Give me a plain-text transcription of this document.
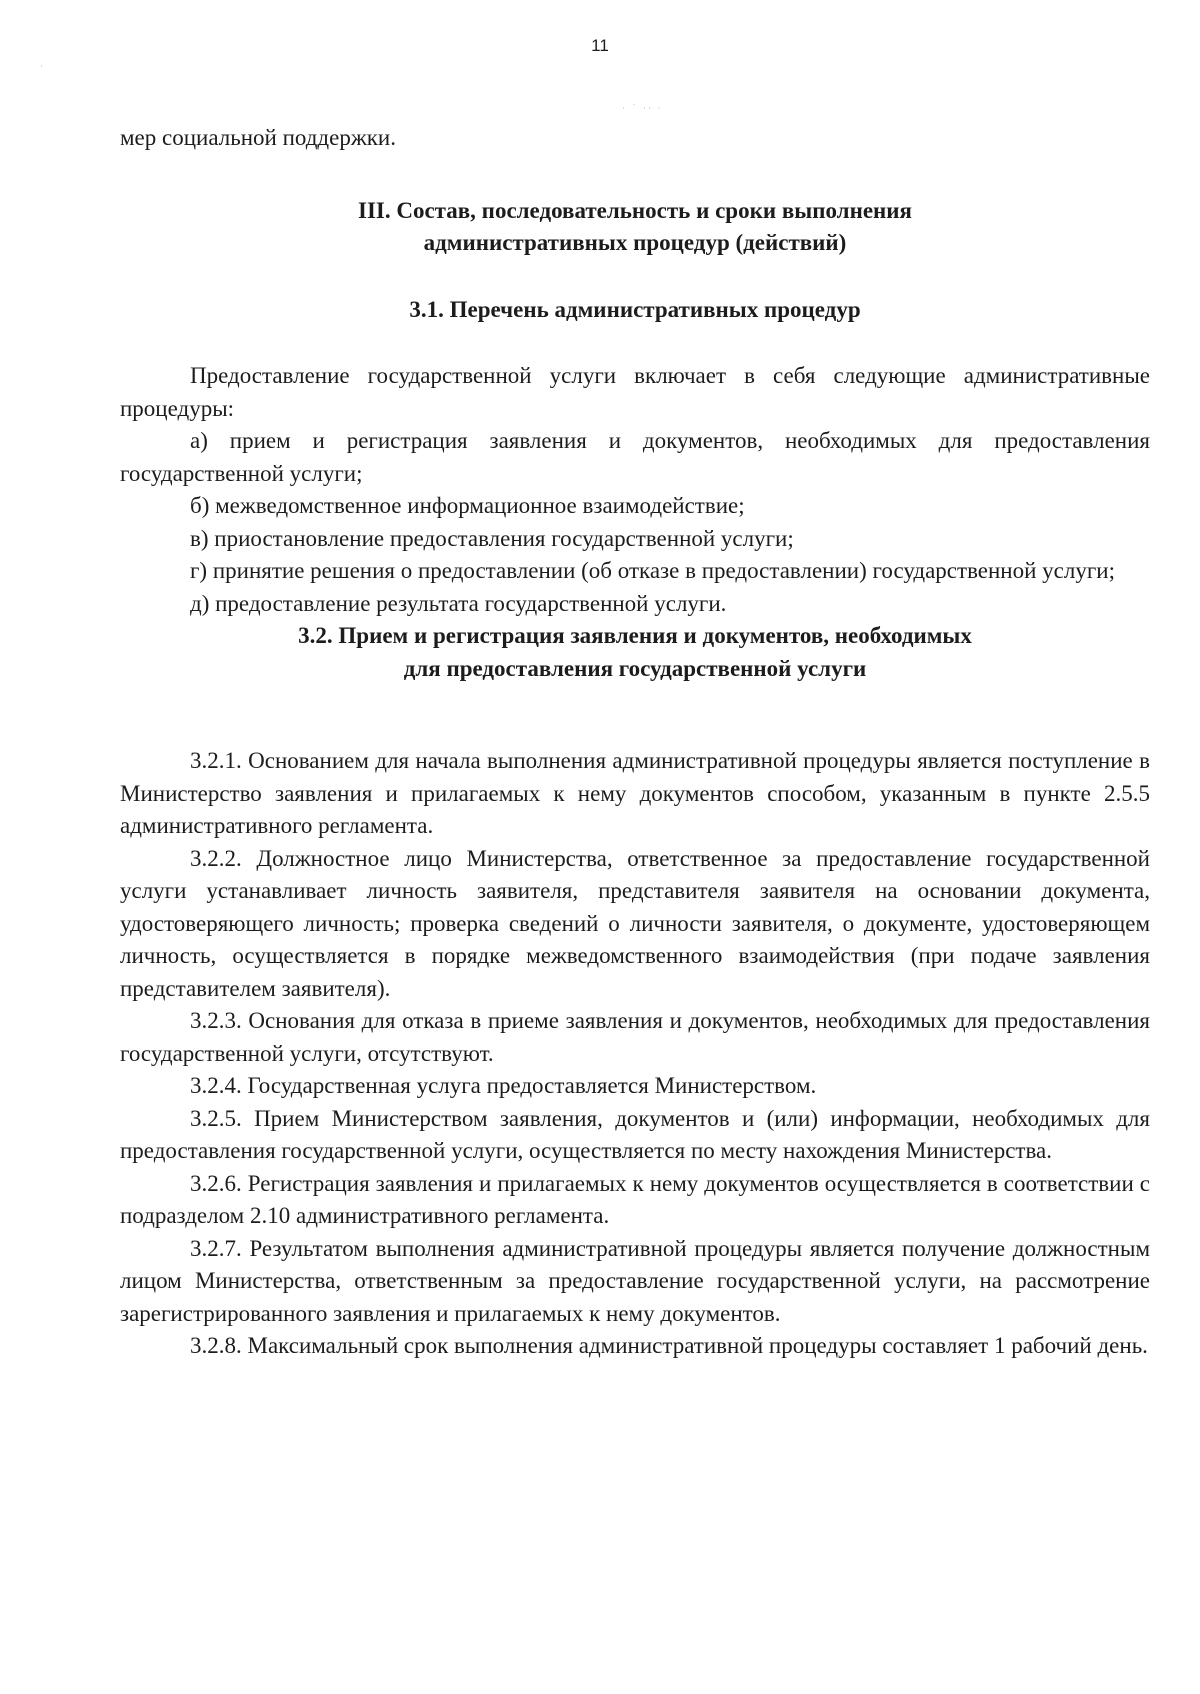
11
·
· ˙ ·· ·

мер социальной поддержки.

III. Состав, последовательность и сроки выполнения
административных процедур (действий)
3.1. Перечень административных процедур

Предоставление государственной услуги включает в себя следующие административные процедуры:

а) прием и регистрация заявления и документов, необходимых для предоставления государственной услуги;

б) межведомственное информационное взаимодействие;

в) приостановление предоставления государственной услуги;

г) принятие решения о предоставлении (об отказе в предоставлении) государственной услуги;

д) предоставление результата государственной услуги.

3.2. Прием и регистрация заявления и документов, необходимых
для предоставления государственной услуги

3.2.1. Основанием для начала выполнения административной процедуры является поступление в Министерство заявления и прилагаемых к нему документов способом, указанным в пункте 2.5.5 административного регламента.

3.2.2. Должностное лицо Министерства, ответственное за предоставление государственной услуги устанавливает личность заявителя, представителя заявителя на основании документа, удостоверяющего личность; проверка сведений о личности заявителя, о документе, удостоверяющем личность, осуществляется в порядке межведомственного взаимодействия (при подаче заявления представителем заявителя).

3.2.3. Основания для отказа в приеме заявления и документов, необходимых для предоставления государственной услуги, отсутствуют.

3.2.4. Государственная услуга предоставляется Министерством.

3.2.5. Прием Министерством заявления, документов и (или) информации, необходимых для предоставления государственной услуги, осуществляется по месту нахождения Министерства.

3.2.6. Регистрация заявления и прилагаемых к нему документов осуществляется в соответствии с подразделом 2.10 административного регламента.

3.2.7. Результатом выполнения административной процедуры является получение должностным лицом Министерства, ответственным за предоставление государственной услуги, на рассмотрение зарегистрированного заявления и прилагаемых к нему документов.

3.2.8. Максимальный срок выполнения административной процедуры составляет 1 рабочий день.
